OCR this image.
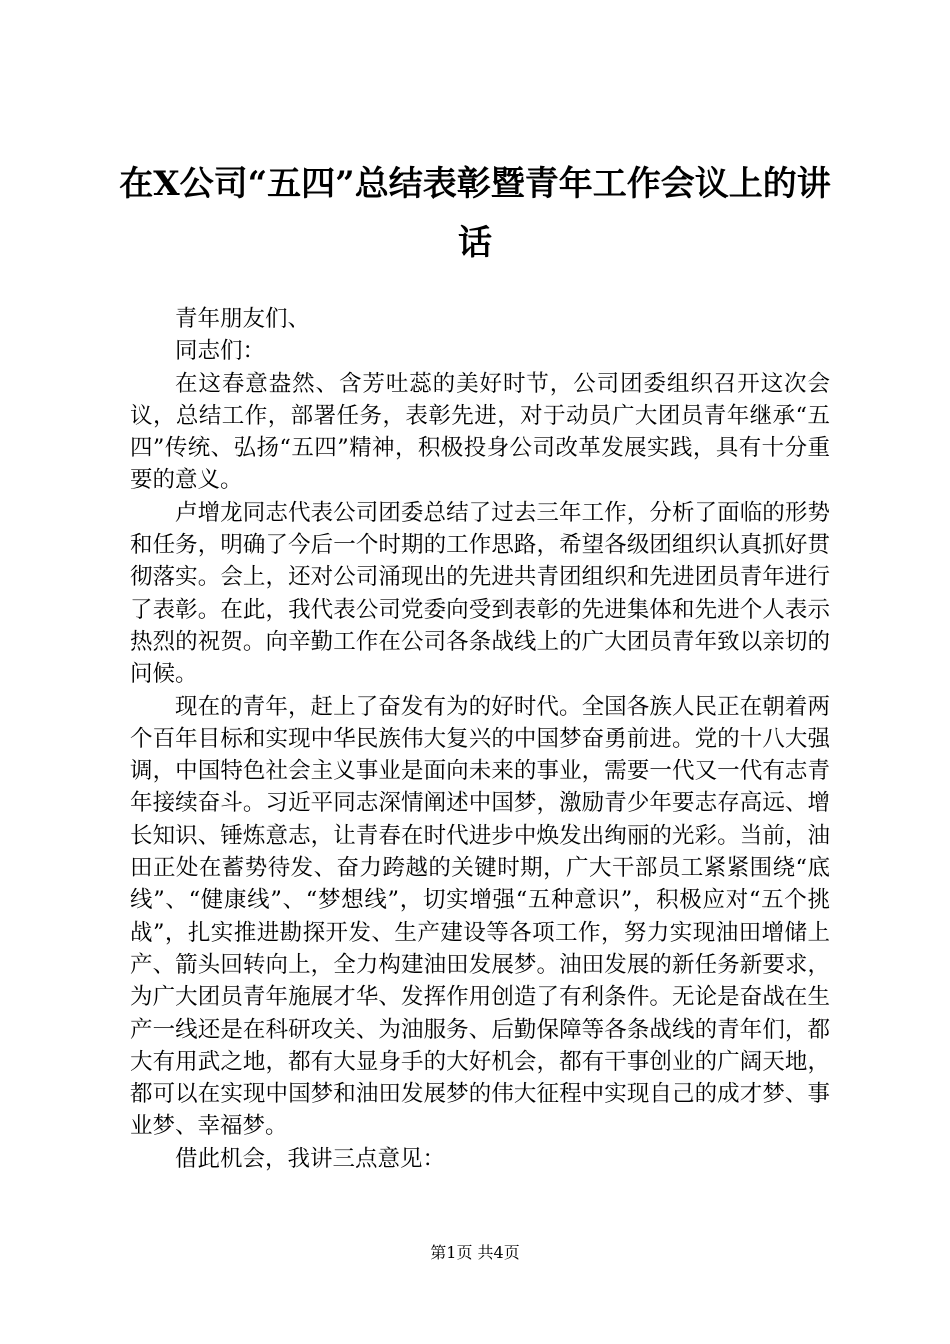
在X公司“五四”总结表彰暨青年工作会议上的讲话

青年朋友们、

同志们：

在这春意盎然、含芳吐蕊的美好时节，公司团委组织召开这次会议，总结工作，部署任务，表彰先进，对于动员广大团员青年继承“五四”传统、弘扬“五四”精神，积极投身公司改革发展实践，具有十分重要的意义。

卢增龙同志代表公司团委总结了过去三年工作，分析了面临的形势和任务，明确了今后一个时期的工作思路，希望各级团组织认真抓好贯彻落实。会上，还对公司涌现出的先进共青团组织和先进团员青年进行了表彰。在此，我代表公司党委向受到表彰的先进集体和先进个人表示热烈的祝贺。向辛勤工作在公司各条战线上的广大团员青年致以亲切的问候。

现在的青年，赶上了奋发有为的好时代。全国各族人民正在朝着两个百年目标和实现中华民族伟大复兴的中国梦奋勇前进。党的十八大强调，中国特色社会主义事业是面向未来的事业，需要一代又一代有志青年接续奋斗。习近平同志深情阐述中国梦，激励青少年要志存高远、增长知识、锤炼意志，让青春在时代进步中焕发出绚丽的光彩。当前，油田正处在蓄势待发、奋力跨越的关键时期，广大干部员工紧紧围绕“底线”、“健康线”、“梦想线”，切实增强“五种意识”，积极应对“五个挑战”，扎实推进勘探开发、生产建设等各项工作，努力实现油田增储上产、箭头回转向上，全力构建油田发展梦。油田发展的新任务新要求，为广大团员青年施展才华、发挥作用创造了有利条件。无论是奋战在生产一线还是在科研攻关、为油服务、后勤保障等各条战线的青年们，都大有用武之地，都有大显身手的大好机会，都有干事创业的广阔天地，都可以在实现中国梦和油田发展梦的伟大征程中实现自己的成才梦、事业梦、幸福梦。

借此机会，我讲三点意见：

第1页 共4页
